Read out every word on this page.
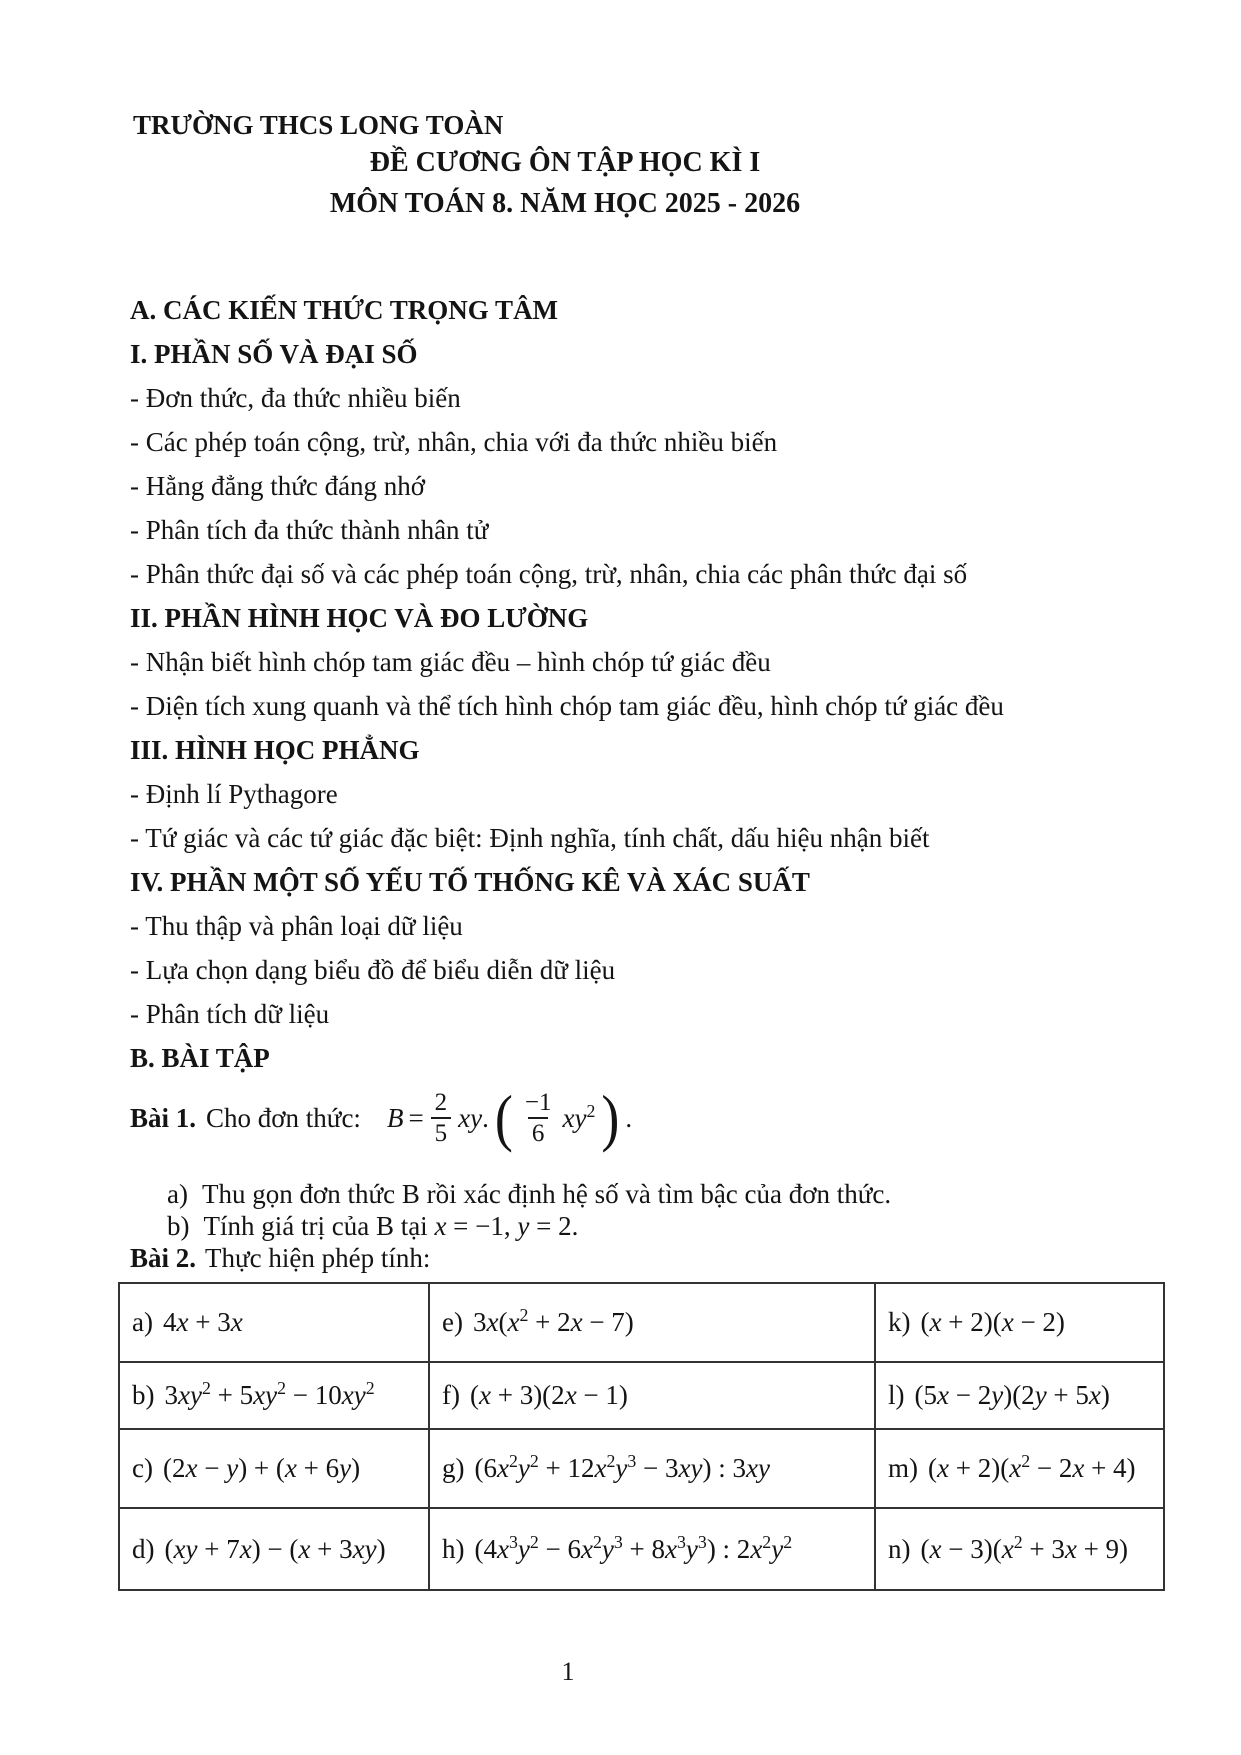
TRƯỜNG THCS LONG TOÀN
ĐỀ CƯƠNG ÔN TẬP HỌC KÌ I
MÔN TOÁN 8. NĂM HỌC 2025 - 2026
A. CÁC KIẾN THỨC TRỌNG TÂM
I. PHẦN SỐ VÀ ĐẠI SỐ
- Đơn thức, đa thức nhiều biến
- Các phép toán cộng, trừ, nhân, chia với đa thức nhiều biến
- Hằng đẳng thức đáng nhớ
- Phân tích đa thức thành nhân tử
- Phân thức đại số và các phép toán cộng, trừ, nhân, chia các phân thức đại số
II. PHẦN HÌNH HỌC VÀ ĐO LƯỜNG
- Nhận biết hình chóp tam giác đều – hình chóp tứ giác đều
- Diện tích xung quanh và thể tích hình chóp tam giác đều, hình chóp tứ giác đều
III. HÌNH HỌC PHẲNG
- Định lí Pythagore
- Tứ giác và các tứ giác đặc biệt: Định nghĩa, tính chất, dấu hiệu nhận biết
IV. PHẦN MỘT SỐ YẾU TỐ THỐNG KÊ VÀ XÁC SUẤT
- Thu thập và phân loại dữ liệu
- Lựa chọn dạng biểu đồ để biểu diễn dữ liệu
- Phân tích dữ liệu
B. BÀI TẬP
Bài 1. Cho đơn thức: $B = \frac{2}{5}$ xy. ( $\frac{-1}{6} xy^2$ ) .
a) Thu gọn đơn thức B rồi xác định hệ số và tìm bậc của đơn thức.
b) Tính giá trị của B tại x = −1, y = 2.
Bài 2. Thực hiện phép tính:
a) 4x + 3x	e) $3x(x^2 + 2x - 7)$	k) (x + 2)(x − 2)
b) $3xy^2 + 5xy^2 - 10xy^2$	f) (x + 3)(2x − 1)	l) (5x − 2y)(2y + 5x)
c) (2x − y) + (x + 6y)	g) $(6x^2y^2 + 12x^2y^3 - 3xy)$ : 3xy	m) $(x + 2)(x^2 - 2x + 4)$
d) (xy + 7x) − (x + 3xy)	h) $(4x^3y^2 - 6x^2y^3 + 8x^3y^3)$ : $2x^2y^2$	n) $(x - 3)(x^2 + 3x + 9)$
1
